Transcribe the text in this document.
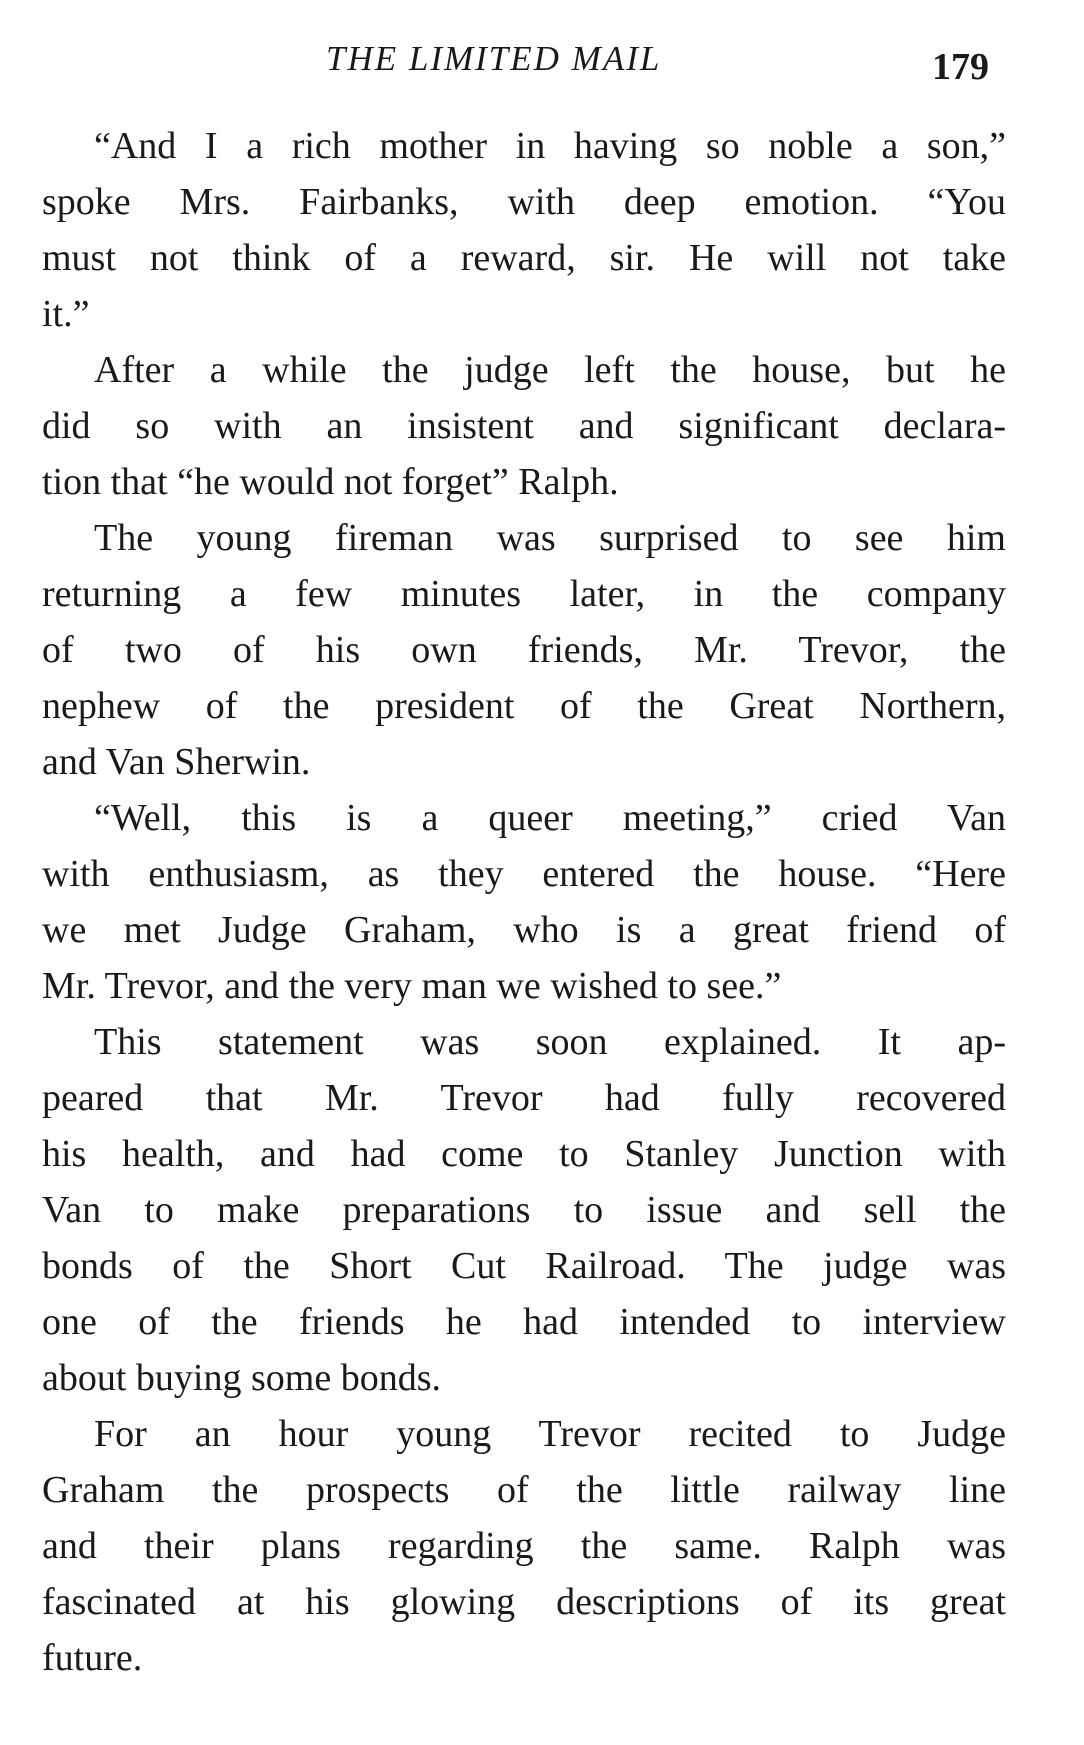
THE LIMITED MAIL	179

“And I a rich mother in having so noble a son,”
spoke Mrs. Fairbanks, with deep emotion. “You
must not think of a reward, sir. He will not take
it.”

After a while the judge left the house, but he
did so with an insistent and significant declara-
tion that “he would not forget” Ralph.

The young fireman was surprised to see him
returning a few minutes later, in the company
of two of his own friends, Mr. Trevor, the
nephew of the president of the Great Northern,
and Van Sherwin.

“Well, this is a queer meeting,” cried Van
with enthusiasm, as they entered the house. “Here
we met Judge Graham, who is a great friend of
Mr. Trevor, and the very man we wished to see.”

This statement was soon explained. It ap-
peared that Mr. Trevor had fully recovered
his health, and had come to Stanley Junction with
Van to make preparations to issue and sell the
bonds of the Short Cut Railroad. The judge was
one of the friends he had intended to interview
about buying some bonds.

For an hour young Trevor recited to Judge
Graham the prospects of the little railway line
and their plans regarding the same. Ralph was
fascinated at his glowing descriptions of its great
future.
